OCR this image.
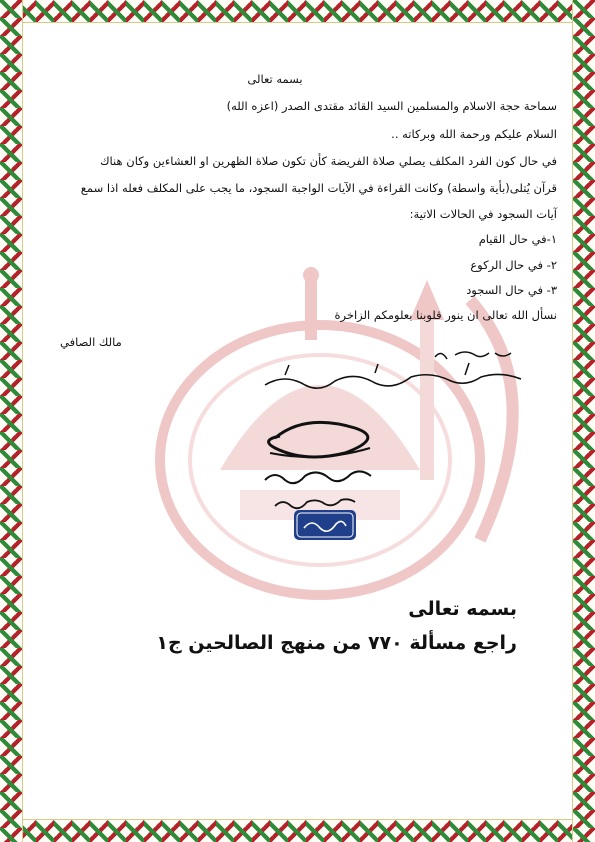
بسمه تعالى
سماحة حجة الاسلام والمسلمين السيد القائد مقتدى الصدر (اعزه الله)
السلام عليكم ورحمة الله وبركاته ..
في حال كون الفرد المكلف يصلي صلاة الفريضة كأن تكون صلاة الظهرين او العشاءين وكان هناك
قرآن يُتلى(بأية واسطة) وكانت القراءة في الآيات الواجبة السجود، ما يجب على المكلف فعله اذا سمع
آيات السجود في الحالات الاتية:
١-في حال القيام
٢- في حال الركوع
٣- في حال السجود
نسأل الله تعالى ان ينور قلوبنا بعلومكم الزاخرة
مالك الصافي
بسمه تعالى
راجع مسألة ٧٧٠ من منهج الصالحين ج١
